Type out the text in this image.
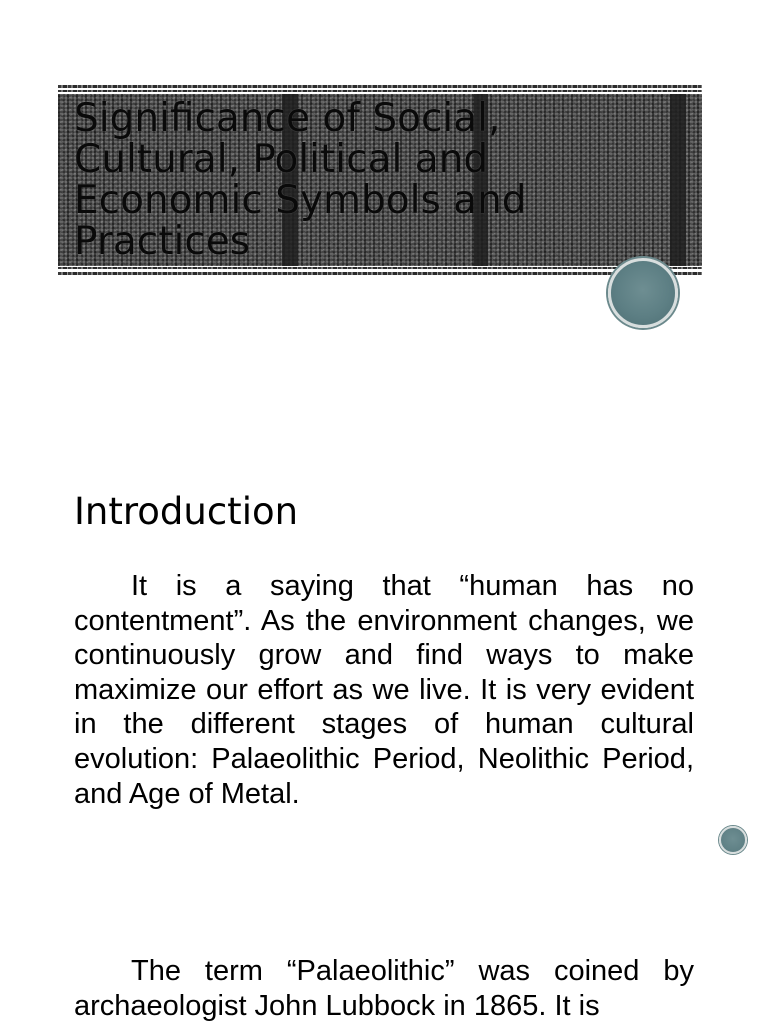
Significance of Social, Cultural, Political and Economic Symbols and Practices
Introduction

It is a saying that “human has no contentment”. As the environment changes, we continuously grow and find ways to make maximize our effort as we live. It is very evident in the different stages of human cultural evolution: Palaeolithic Period, Neolithic Period, and Age of Metal.

The term “Palaeolithic” was coined by archaeologist John Lubbock in 1865. It is
